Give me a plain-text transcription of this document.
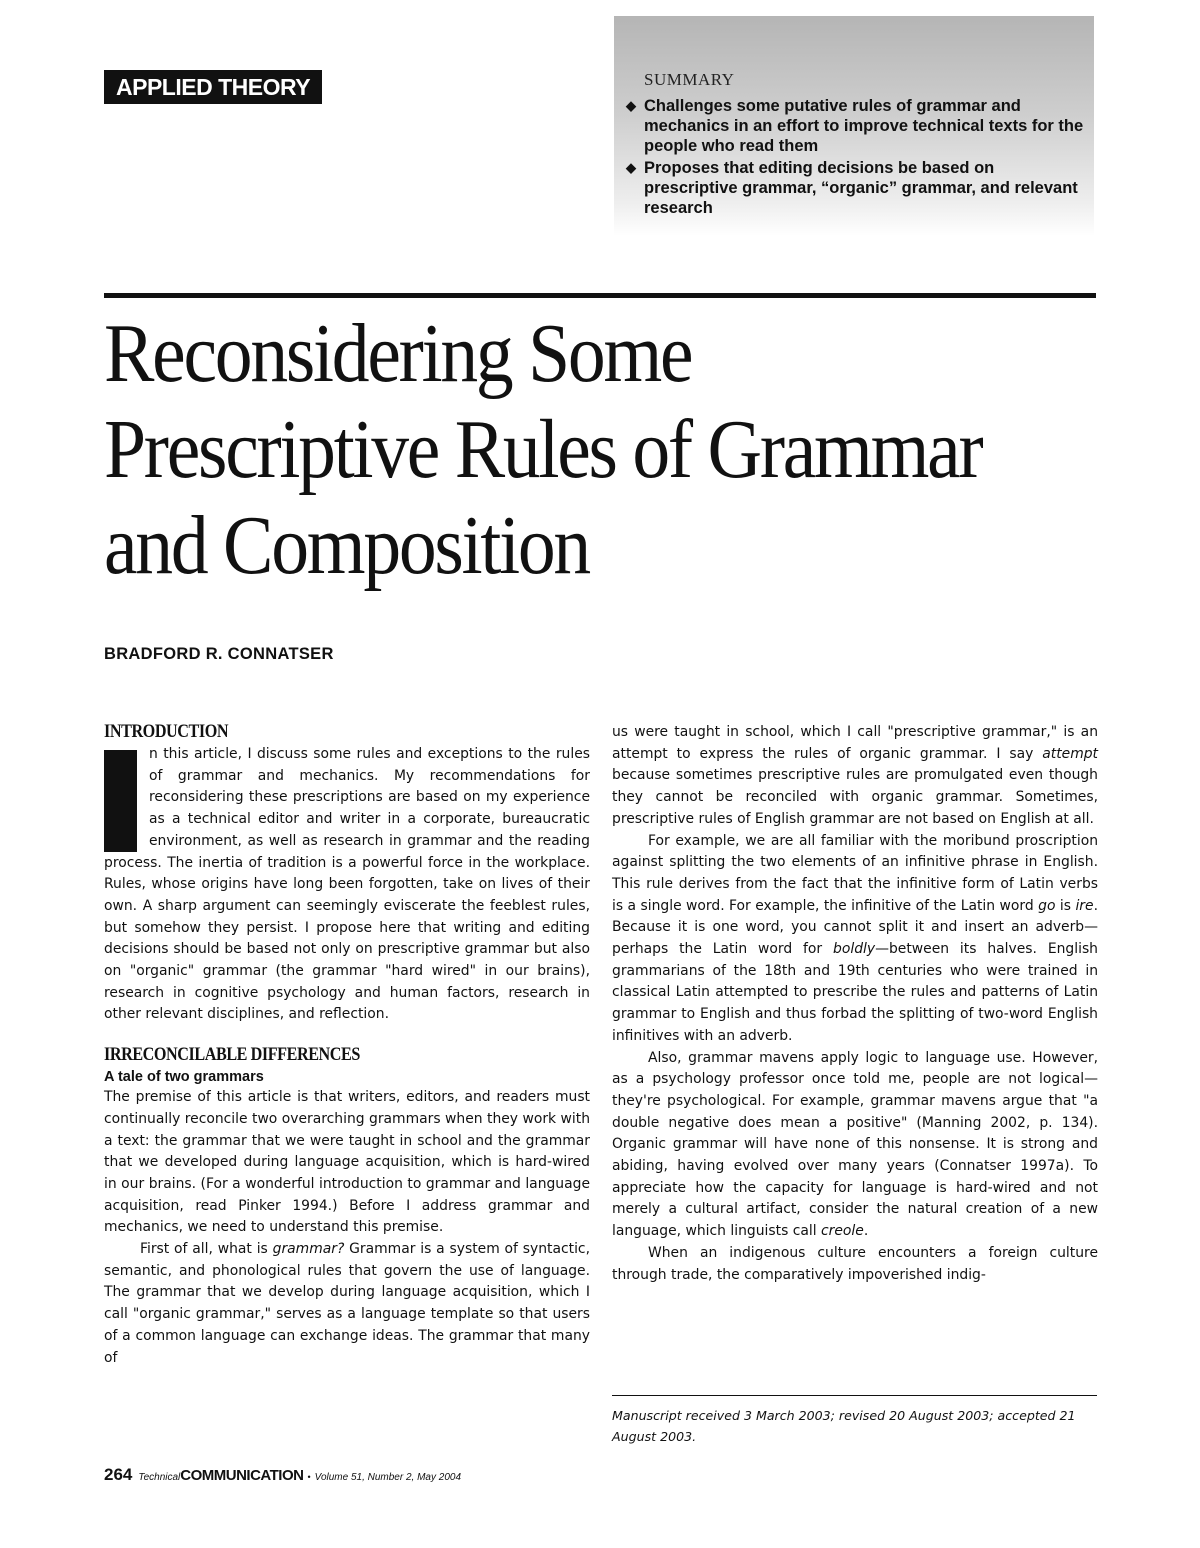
APPLIED THEORY	SUMMARY
◆ Challenges some putative rules of grammar and mechanics in an effort to improve technical texts for the people who read them
◆ Proposes that editing decisions be based on prescriptive grammar, “organic” grammar, and relevant research
Reconsidering Some Prescriptive Rules of Grammar and Composition
BRADFORD R. CONNATSER
INTRODUCTION

I
n this article, I discuss some rules and exceptions to the rules of grammar and mechanics. My recommendations for reconsidering these prescriptions are based on my experience as a technical editor and writer in a corporate, bureaucratic environment, as well as research in grammar and the reading process. The inertia of tradition is a powerful force in the workplace. Rules, whose origins have long been forgotten, take on lives of their own. A sharp argument can seemingly eviscerate the feeblest rules, but somehow they persist. I propose here that writing and editing decisions should be based not only on prescriptive grammar but also on "organic" grammar (the grammar "hard wired" in our brains), research in cognitive psychology and human factors, research in other relevant disciplines, and reflection.

IRRECONCILABLE DIFFERENCES
A tale of two grammars

The premise of this article is that writers, editors, and readers must continually reconcile two overarching grammars when they work with a text: the grammar that we were taught in school and the grammar that we developed during language acquisition, which is hard-wired in our brains. (For a wonderful introduction to grammar and language acquisition, read Pinker 1994.) Before I address grammar and mechanics, we need to understand this premise.

First of all, what is grammar? Grammar is a system of syntactic, semantic, and phonological rules that govern the use of language. The grammar that we develop during language acquisition, which I call "organic grammar," serves as a language template so that users of a common language can exchange ideas. The grammar that many of

us were taught in school, which I call "prescriptive grammar," is an attempt to express the rules of organic grammar. I say attempt because sometimes prescriptive rules are promulgated even though they cannot be reconciled with organic grammar. Sometimes, prescriptive rules of English grammar are not based on English at all.

For example, we are all familiar with the moribund proscription against splitting the two elements of an infinitive phrase in English. This rule derives from the fact that the infinitive form of Latin verbs is a single word. For example, the infinitive of the Latin word go is ire. Because it is one word, you cannot split it and insert an adverb—perhaps the Latin word for boldly—between its halves. English grammarians of the 18th and 19th centuries who were trained in classical Latin attempted to prescribe the rules and patterns of Latin grammar to English and thus forbad the splitting of two-word English infinitives with an adverb.

Also, grammar mavens apply logic to language use. However, as a psychology professor once told me, people are not logical—they're psychological. For example, grammar mavens argue that "a double negative does mean a positive" (Manning 2002, p. 134). Organic grammar will have none of this nonsense. It is strong and abiding, having evolved over many years (Connatser 1997a). To appreciate how the capacity for language is hard-wired and not merely a cultural artifact, consider the natural creation of a new language, which linguists call creole.

When an indigenous culture encounters a foreign culture through trade, the comparatively impoverished indig-

Manuscript received 3 March 2003; revised 20 August 2003; accepted 21 August 2003.
264 TechnicalCOMMUNICATION • Volume 51, Number 2, May 2004
